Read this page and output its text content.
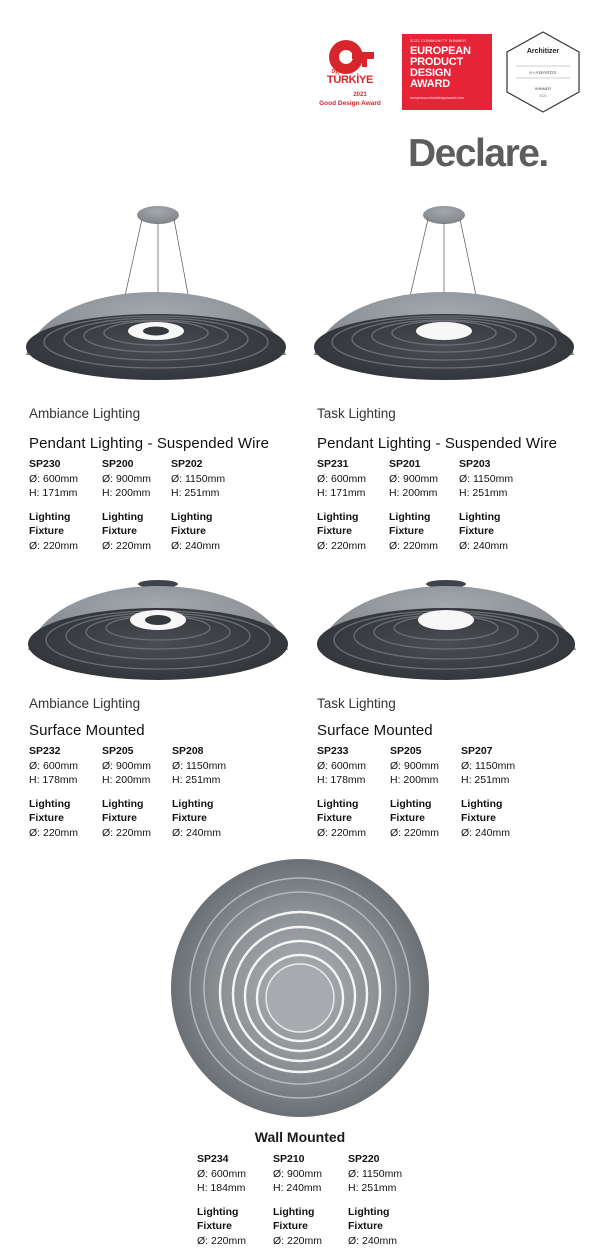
DESIGN
TÜRKİYE
2021
Good Design Award
2022 COMMUNITY WINNER
EUROPEAN
PRODUCT
DESIGN
AWARD
europeanproductdesignaward.com
Architizer
A+AWARDS
WINNER
2021
Declare.
Ambiance Lighting
Pendant Lighting - Suspended Wire
SP230
Ø: 600mm
H: 171mm
Lighting
Fixture
Ø: 220mm
SP200
Ø: 900mm
H: 200mm
Lighting
Fixture
Ø: 220mm
SP202
Ø: 1150mm
H: 251mm
Lighting
Fixture
Ø: 240mm
Task Lighting
Pendant Lighting - Suspended Wire
SP231
Ø: 600mm
H: 171mm
Lighting
Fixture
Ø: 220mm
SP201
Ø: 900mm
H: 200mm
Lighting
Fixture
Ø: 220mm
SP203
Ø: 1150mm
H: 251mm
Lighting
Fixture
Ø: 240mm
Ambiance Lighting
Surface Mounted
SP232
Ø: 600mm
H: 178mm
Lighting
Fixture
Ø: 220mm
SP205
Ø: 900mm
H: 200mm
Lighting
Fixture
Ø: 220mm
SP208
Ø: 1150mm
H: 251mm
Lighting
Fixture
Ø: 240mm
Task Lighting
Surface Mounted
SP233
Ø: 600mm
H: 178mm
Lighting
Fixture
Ø: 220mm
SP205
Ø: 900mm
H: 200mm
Lighting
Fixture
Ø: 220mm
SP207
Ø: 1150mm
H: 251mm
Lighting
Fixture
Ø: 240mm
Wall Mounted
SP234
Ø: 600mm
H: 184mm
Lighting
Fixture
Ø: 220mm
SP210
Ø: 900mm
H: 240mm
Lighting
Fixture
Ø: 220mm
SP220
Ø: 1150mm
H: 251mm
Lighting
Fixture
Ø: 240mm
